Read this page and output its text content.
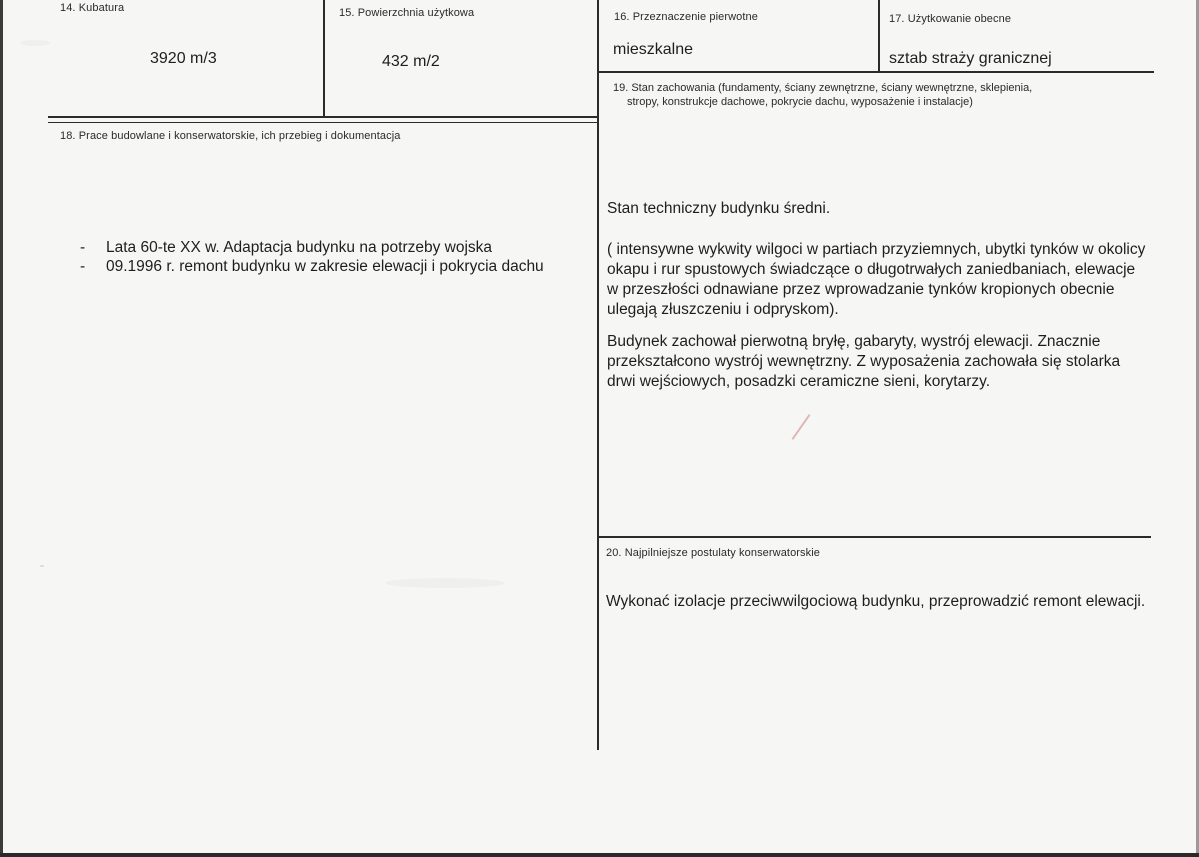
14. Kubatura
3920 m/3
15. Powierzchnia użytkowa
432 m/2
16. Przeznaczenie pierwotne
mieszkalne
17. Użytkowanie obecne
sztab straży granicznej
18. Prace budowlane i konserwatorskie, ich przebieg i dokumentacja
-	Lata 60-te XX w. Adaptacja budynku na potrzeby wojska
-	09.1996 r. remont budynku w zakresie elewacji i pokrycia dachu
19. Stan zachowania (fundamenty, ściany zewnętrzne, ściany wewnętrzne, sklepienia,
stropy, konstrukcje dachowe, pokrycie dachu, wyposażenie i instalacje)

Stan techniczny budynku średni.

( intensywne wykwity wilgoci w partiach przyziemnych, ubytki tynków w okolicy okapu i rur spustowych świadczące o długotrwałych zaniedbaniach, elewacje w przeszłości odnawiane przez wprowadzanie tynków kropionych obecnie ulegają złuszczeniu i odpryskom).

Budynek zachował pierwotną bryłę, gabaryty, wystrój elewacji. Znacznie przekształcono wystrój wewnętrzny. Z wyposażenia zachowała się stolarka drwi wejściowych, posadzki ceramiczne sieni, korytarzy.

20. Najpilniejsze postulaty konserwatorskie
Wykonać izolacje przeciwwilgociową budynku, przeprowadzić remont elewacji.
